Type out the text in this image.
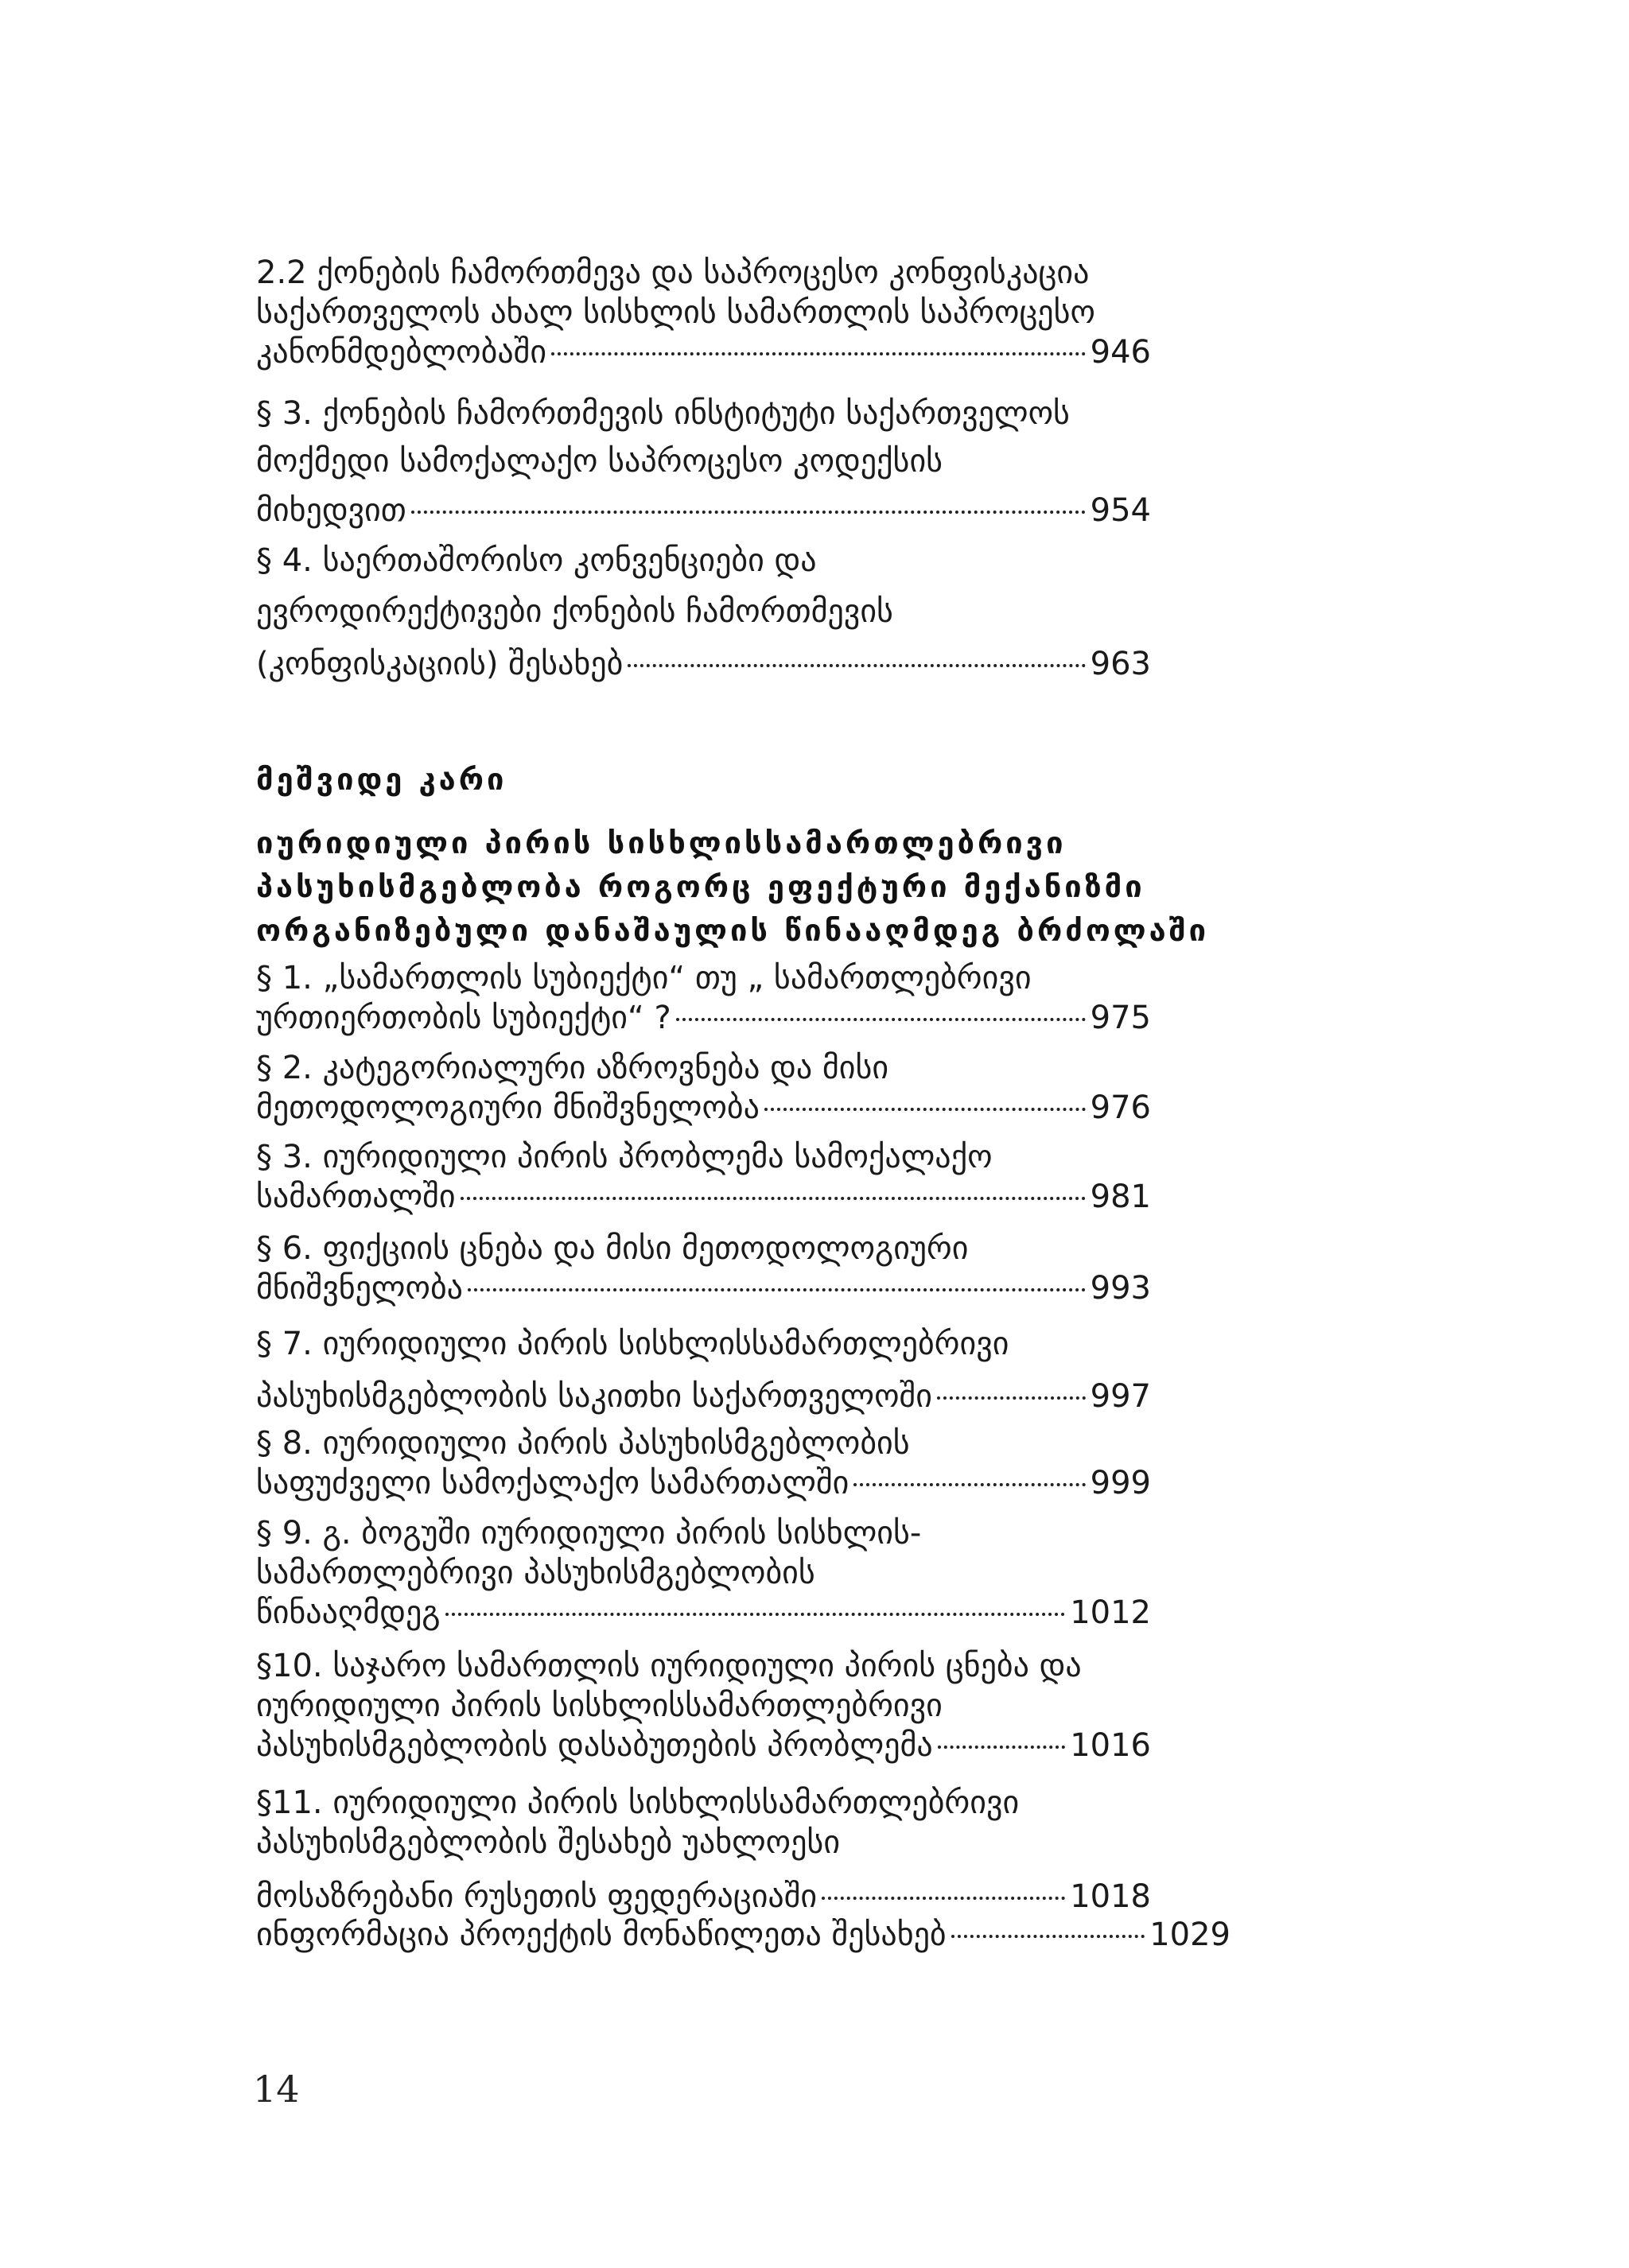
2.2 ქონების ჩამორთმევა და საპროცესო კონფისკაცია
საქართველოს ახალ სისხლის სამართლის საპროცესო
კანონმდებლობაში	946
§ 3. ქონების ჩამორთმევის ინსტიტუტი საქართველოს
მოქმედი სამოქალაქო საპროცესო კოდექსის
მიხედვით	954
§ 4. საერთაშორისო კონვენციები და
ევროდირექტივები ქონების ჩამორთმევის
(კონფისკაციის) შესახებ	963
მეშვიდე კარი
იურიდიული პირის სისხლისსამართლებრივი
პასუხისმგებლობა როგორც ეფექტური მექანიზმი
ორგანიზებული დანაშაულის წინააღმდეგ ბრძოლაში
§ 1. „სამართლის სუბიექტი“ თუ „ სამართლებრივი
ურთიერთობის სუბიექტი“ ?	975
§ 2. კატეგორიალური აზროვნება და მისი
მეთოდოლოგიური მნიშვნელობა	976
§ 3. იურიდიული პირის პრობლემა სამოქალაქო
სამართალში	981
§ 6. ფიქციის ცნება და მისი მეთოდოლოგიური
მნიშვნელობა	993
§ 7. იურიდიული პირის სისხლისსამართლებრივი
პასუხისმგებლობის საკითხი საქართველოში	997
§ 8. იურიდიული პირის პასუხისმგებლობის
საფუძველი სამოქალაქო სამართალში	999
§ 9. გ. ბოგუში იურიდიული პირის სისხლის-
სამართლებრივი პასუხისმგებლობის
წინააღმდეგ	1012
§10. საჯარო სამართლის იურიდიული პირის ცნება და
იურიდიული პირის სისხლისსამართლებრივი
პასუხისმგებლობის დასაბუთების პრობლემა	1016
§11. იურიდიული პირის სისხლისსამართლებრივი
პასუხისმგებლობის შესახებ უახლოესი
მოსაზრებანი რუსეთის ფედერაციაში	1018
ინფორმაცია პროექტის მონაწილეთა შესახებ	1029
14
